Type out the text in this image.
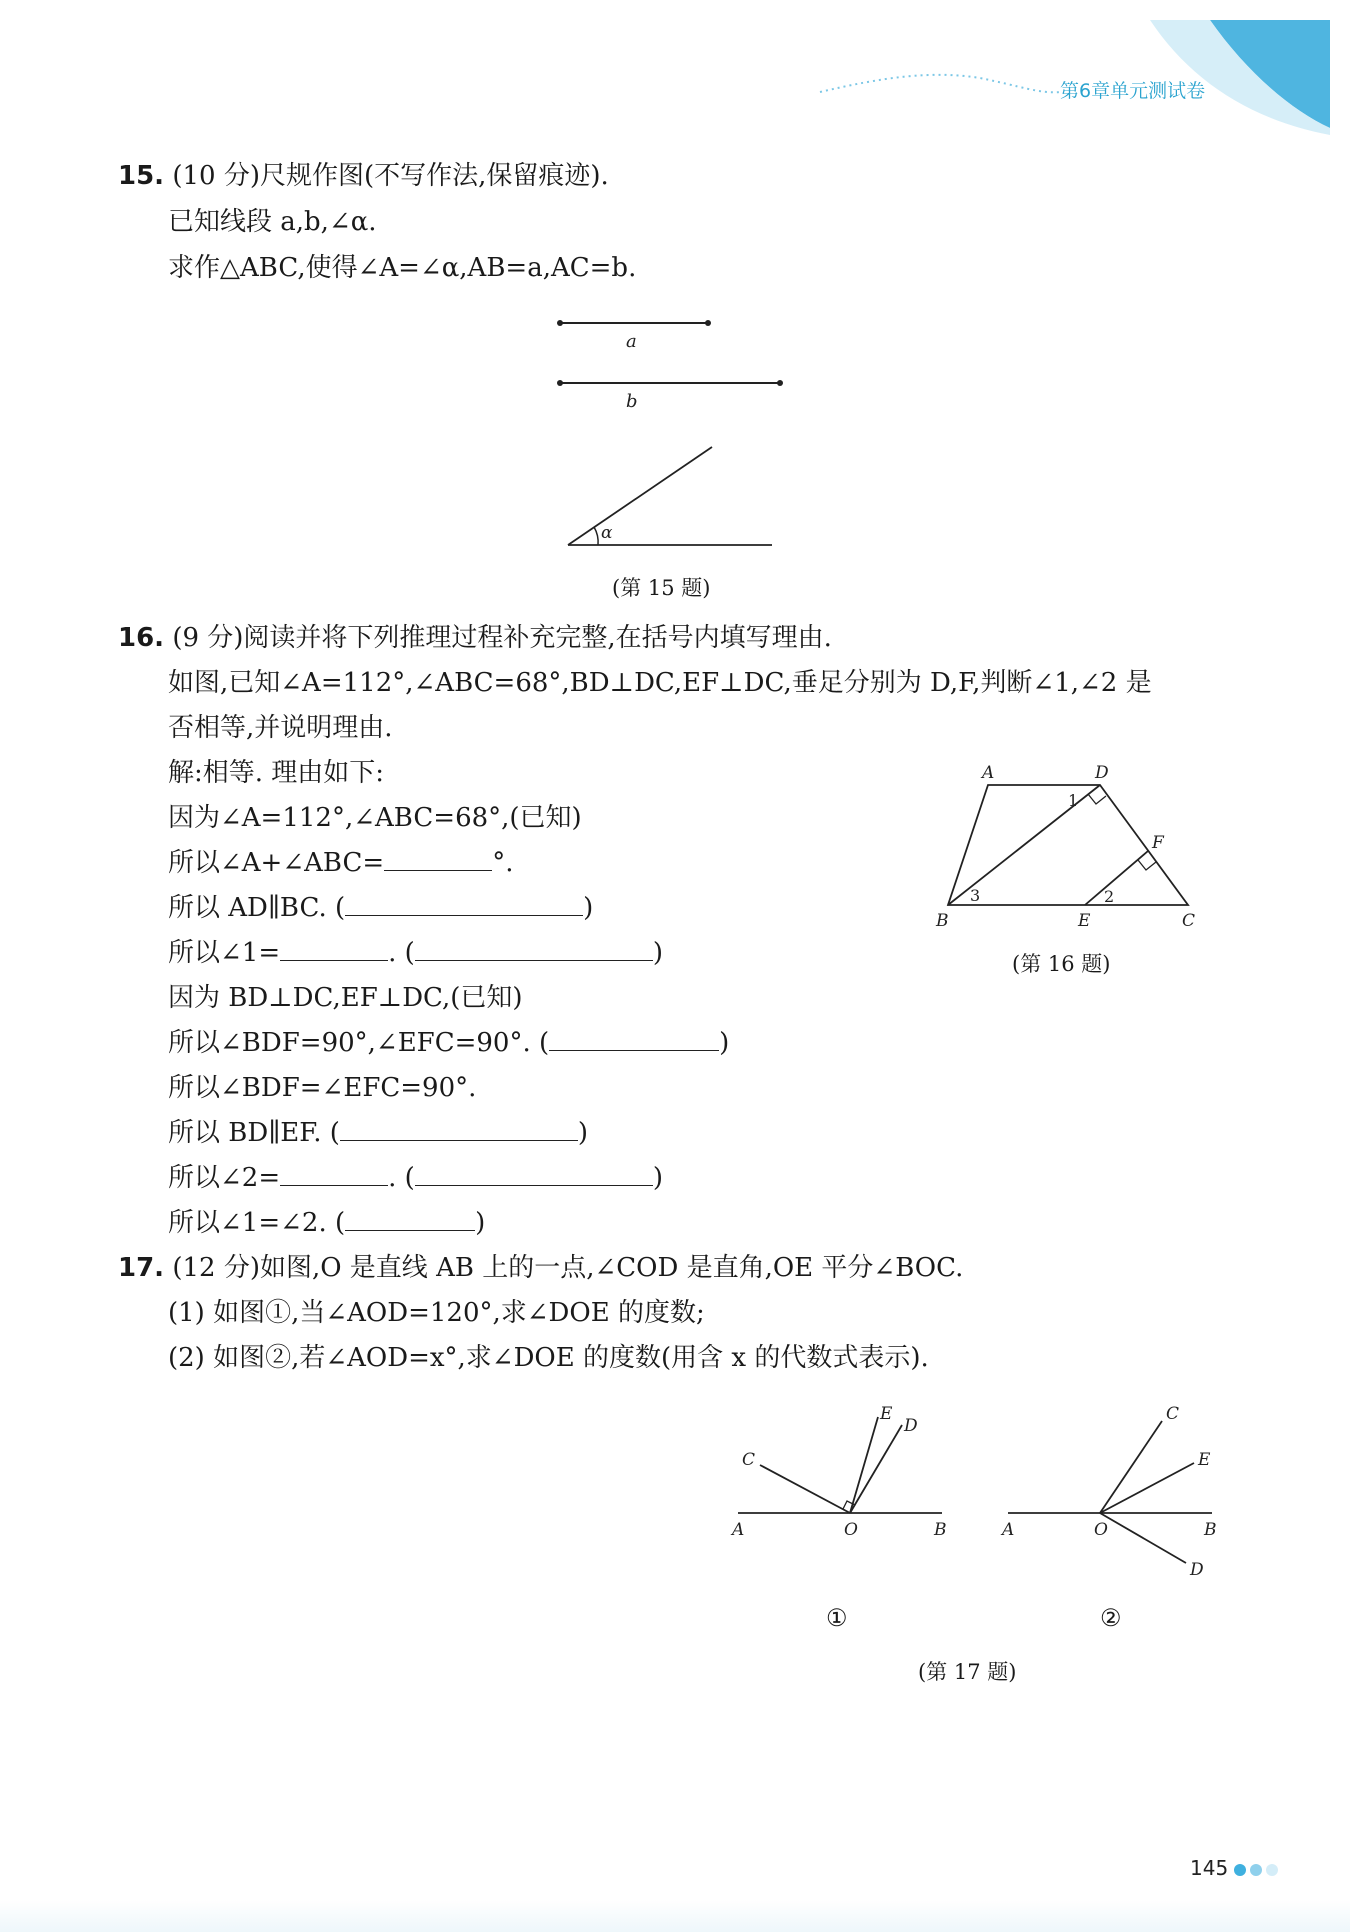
第6章单元测试卷
15. (10 分)尺规作图(不写作法,保留痕迹).
已知线段 a,b,∠α.
求作△ABC,使得∠A=∠α,AB=a,AC=b.
a
b
α
(第 15 题)
16. (9 分)阅读并将下列推理过程补充完整,在括号内填写理由.
如图,已知∠A=112°,∠ABC=68°,BD⊥DC,EF⊥DC,垂足分别为 D,F,判断∠1,∠2 是
否相等,并说明理由.
解:相等. 理由如下:
因为∠A=112°,∠ABC=68°,(已知)
所以∠A+∠ABC=	°.
所以 AD∥BC. (	)
所以∠1=	. (	)
因为 BD⊥DC,EF⊥DC,(已知)
所以∠BDF=90°,∠EFC=90°. (	)
所以∠BDF=∠EFC=90°.
所以 BD∥EF. (	)
所以∠2=	. (	)
所以∠1=∠2. (	)
A	D
F
B	E	C
1
2
3
(第 16 题)
17. (12 分)如图,O 是直线 AB 上的一点,∠COD 是直角,OE 平分∠BOC.
(1) 如图①,当∠AOD=120°,求∠DOE 的度数;
(2) 如图②,若∠AOD=x°,求∠DOE 的度数(用含 x 的代数式表示).
A	O	B
C
E
D
A	O	B
C
E
D
①	②
(第 17 题)
145
